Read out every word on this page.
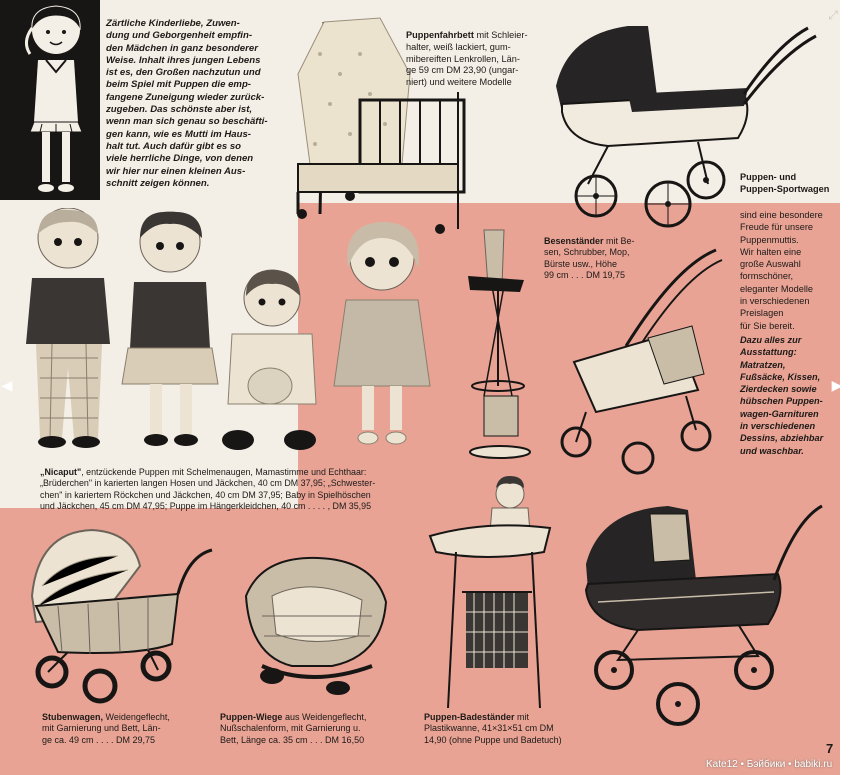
Zärtliche Kinderliebe, Zuwen-
dung und Geborgenheit empfin-
den Mädchen in ganz besonderer
Weise. Inhalt ihres jungen Lebens
ist es, den Großen nachzutun und
beim Spiel mit Puppen die emp-
fangene Zuneigung wieder zurück-
zugeben. Das schönste aber ist,
wenn man sich genau so beschäfti-
gen kann, wie es Mutti im Haus-
halt tut. Auch dafür gibt es so
viele herrliche Dinge, von denen
wir hier nur einen kleinen Aus-
schnitt zeigen können.
Puppenfahrbett mit Schleier-
halter, weiß lackiert, gum-
mibereiften Lenkrollen, Län-
ge 59 cm DM 23,90 (ungar-
niert) und weitere Modelle
Puppen- und
Puppen-Sportwagen
sind eine besondere
Freude für unsere
Puppenmuttis.
Wir halten eine
große Auswahl
formschöner,
eleganter Modelle
in verschiedenen
Preislagen
für Sie bereit.
Dazu alles zur
Ausstattung:
Matratzen,
Fußsäcke, Kissen,
Zierdecken sowie
hübschen Puppen-
wagen-Garnituren
in verschiedenen
Dessins, abziehbar
und waschbar.
Besenständer mit Be-
sen, Schrubber, Mop,
Bürste usw., Höhe
99 cm . . . DM 19,75
„Nicaput", entzückende Puppen mit Schelmenaugen, Mamastimme und Echthaar:
„Brüderchen" in karierten langen Hosen und Jäckchen, 40 cm DM 37,95; „Schwester-
chen" in kariertem Röckchen und Jäckchen, 40 cm DM 37,95; Baby in Spielhöschen
und Jäckchen, 45 cm DM 47,95; Puppe im Hängerkleidchen, 40 cm . . . . , DM 35,95
Stubenwagen, Weidengeflecht,
mit Garnierung und Bett, Län-
ge ca. 49 cm . . . . DM 29,75
Puppen-Wiege aus Weidengeflecht,
Nußschalenform, mit Garnierung u.
Bett, Länge ca. 35 cm . . . DM 16,50
Puppen-Badeständer mit
Plastikwanne, 41×31×51 cm DM
14,90 (ohne Puppe und Badetuch)
Kate12 • Бэйбики • babiki.ru
7
◀	▶
⤢
